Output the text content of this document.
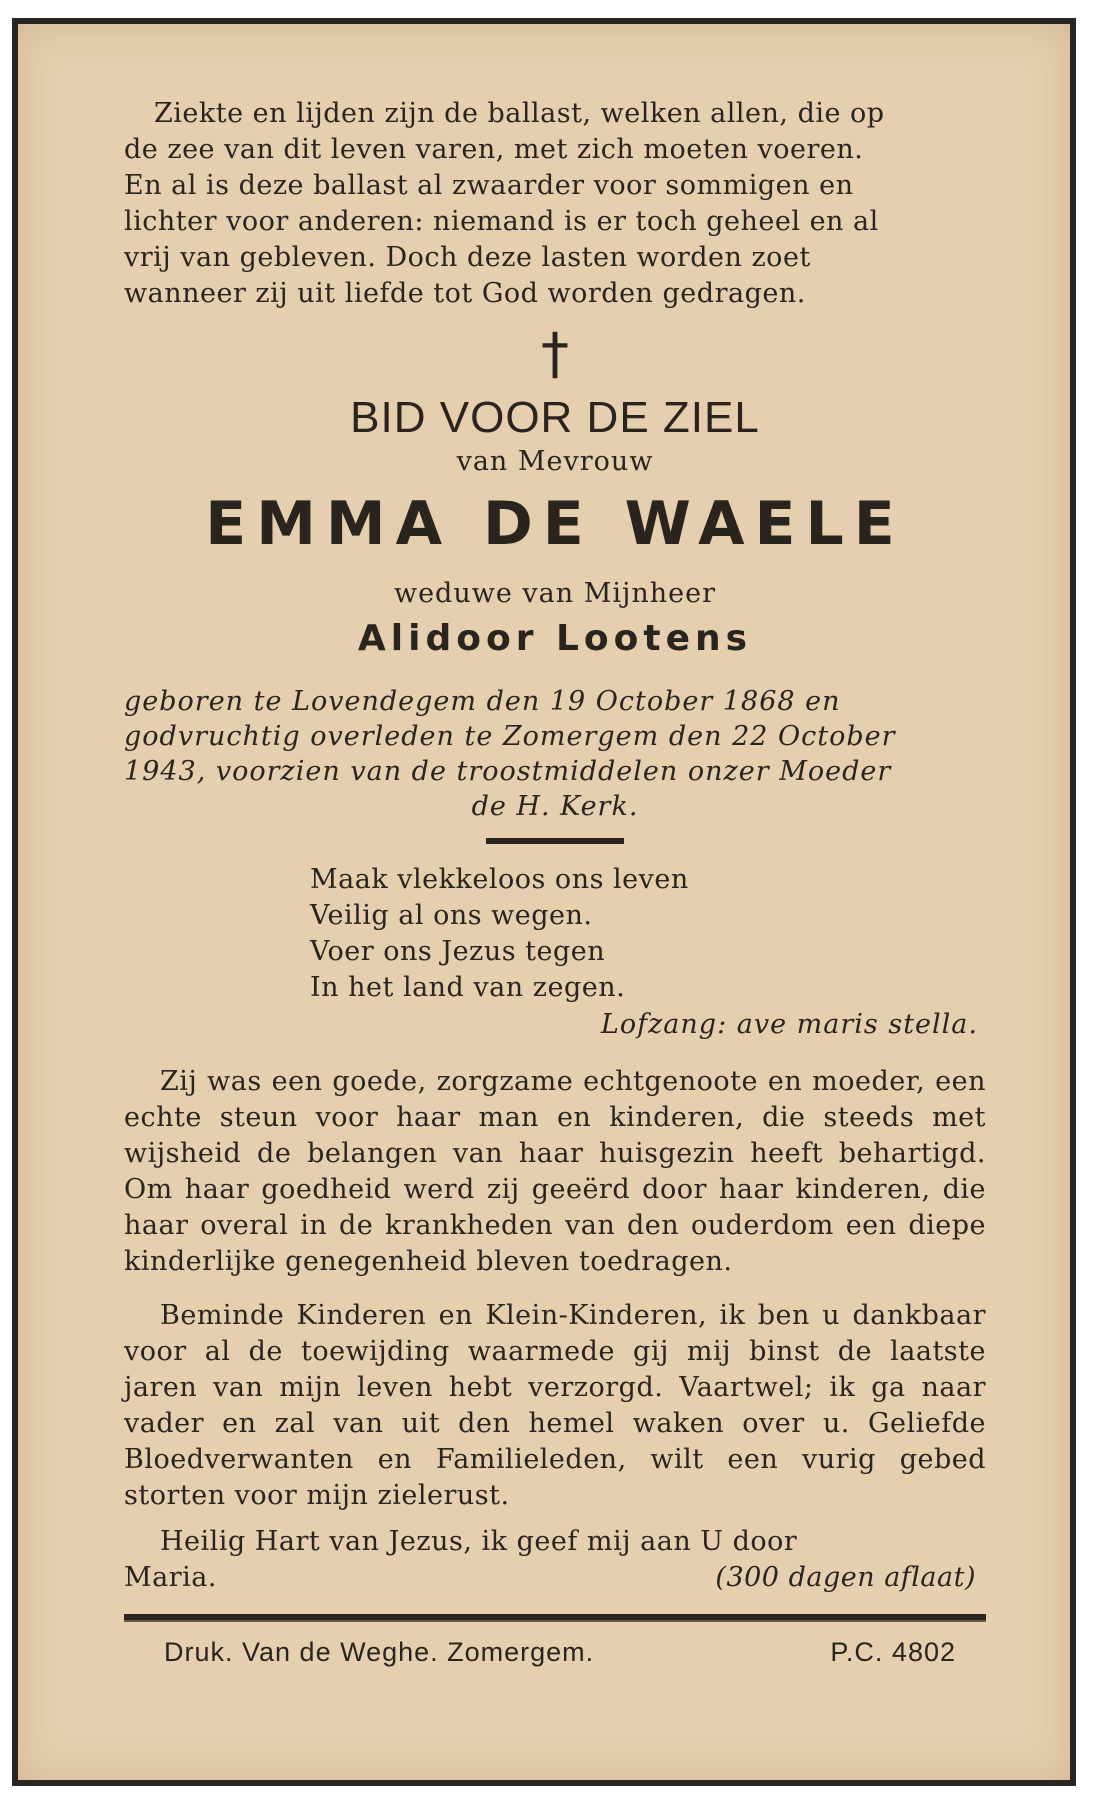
Ziekte en lijden zijn de ballast, welken allen, die op
de zee van dit leven varen, met zich moeten voeren.
En al is deze ballast al zwaarder voor sommigen en
lichter voor anderen: niemand is er toch geheel en al
vrij van gebleven. Doch deze lasten worden zoet
wanneer zij uit liefde tot God worden gedragen.
†
BID VOOR DE ZIEL
van Mevrouw
EMMA DE WAELE
weduwe van Mijnheer
Alidoor Lootens
geboren te Lovendegem den 19 October 1868 en
godvruchtig overleden te Zomergem den 22 October
1943, voorzien van de troostmiddelen onzer Moeder
de H. Kerk.
Maak vlekkeloos ons leven
Veilig al ons wegen.
Voer ons Jezus tegen
In het land van zegen.
Lofzang: ave maris stella.

Zij was een goede, zorgzame echtgenoote en moeder, een echte steun voor haar man en kinderen, die steeds met wijsheid de belangen van haar huisgezin heeft behartigd. Om haar goedheid werd zij geeërd door haar kinderen, die haar overal in de krankheden van den ouderdom een diepe kinderlijke genegenheid bleven toedragen.

Beminde Kinderen en Klein-Kinderen, ik ben u dankbaar voor al de toewijding waarmede gij mij binst de laatste jaren van mijn leven hebt verzorgd. Vaartwel; ik ga naar vader en zal van uit den hemel waken over u. Geliefde Bloedverwanten en Familieleden, wilt een vurig gebed storten voor mijn zielerust.

Heilig Hart van Jezus, ik geef mij aan U door
Maria.	(300 dagen aflaat)
Druk. Van de Weghe. Zomergem.	P.C. 4802
